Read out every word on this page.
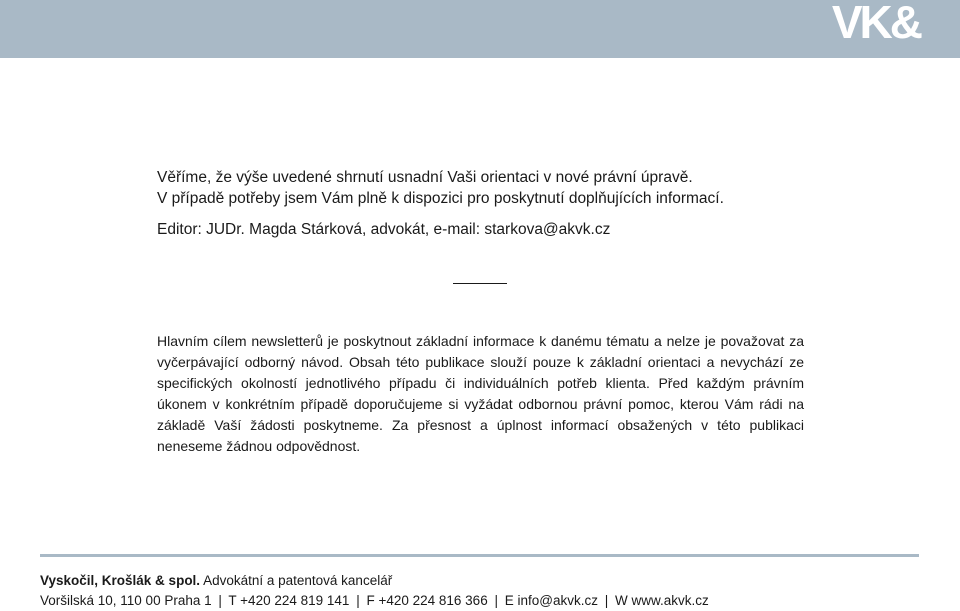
VK&
Věříme, že výše uvedené shrnutí usnadní Vaši orientaci v nové právní úpravě.
V případě potřeby jsem Vám plně k dispozici pro poskytnutí doplňujících informací.
Editor: JUDr. Magda Stárková, advokát, e-mail: starkova@akvk.cz
Hlavním cílem newsletterů je poskytnout základní informace k danému tématu a nelze je považovat za vyčerpávající odborný návod. Obsah této publikace slouží pouze k základní orientaci a nevychází ze specifických okolností jednotlivého případu či individuálních potřeb klienta. Před každým právním úkonem v konkrétním případě doporučujeme si vyžádat odbornou právní pomoc, kterou Vám rádi na základě Vaší žádosti poskytneme. Za přesnost a úplnost informací obsažených v této publikaci neneseme žádnou odpovědnost.
Vyskočil, Krošlák & spol. Advokátní a patentová kancelář
Voršilská 10, 110 00 Praha 1 | T +420 224 819 141 | F +420 224 816 366 | E info@akvk.cz | W www.akvk.cz
